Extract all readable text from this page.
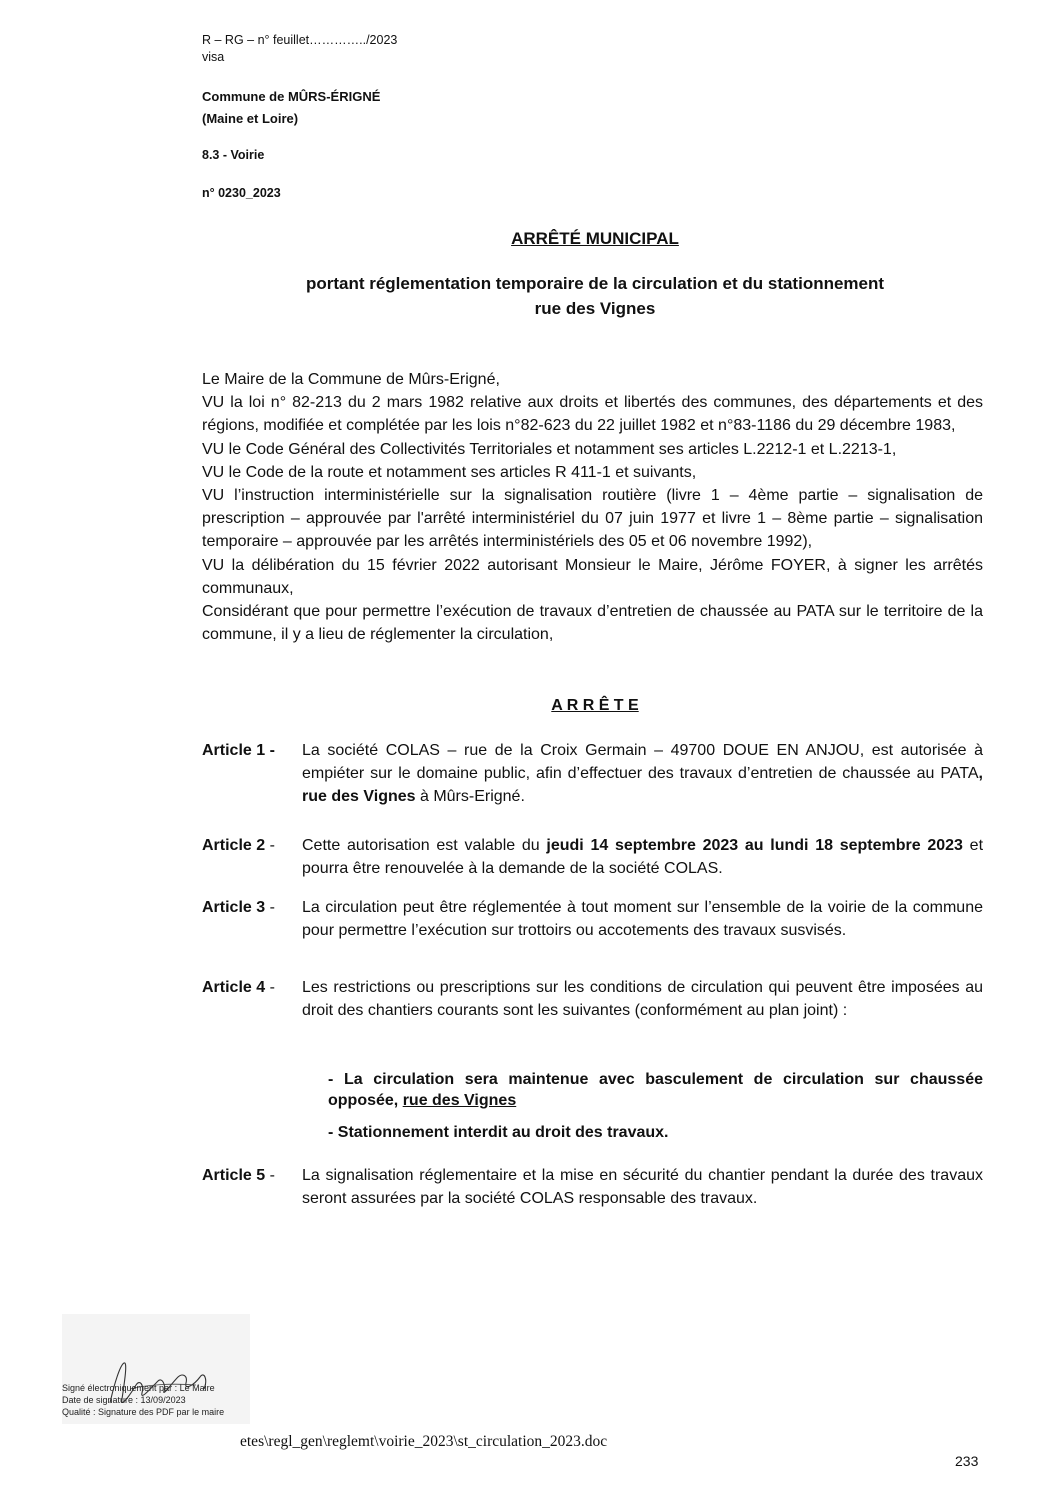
R – RG – n° feuillet…………../2023
visa
Commune de MÛRS-ÉRIGNÉ
(Maine et Loire)
8.3 - Voirie
n° 0230_2023
ARRÊTÉ MUNICIPAL
portant réglementation temporaire de la circulation et du stationnement
rue des Vignes

Le Maire de la Commune de Mûrs-Erigné,

VU la loi n° 82-213 du 2 mars 1982 relative aux droits et libertés des communes, des départements et des régions, modifiée et complétée par les lois n°82-623 du 22 juillet 1982 et n°83-1186 du 29 décembre 1983,

VU le Code Général des Collectivités Territoriales et notamment ses articles L.2212-1 et L.2213-1,

VU le Code de la route et notamment ses articles R 411-1 et suivants,

VU l’instruction interministérielle sur la signalisation routière (livre 1 – 4ème partie – signalisation de prescription – approuvée par l'arrêté interministériel du 07 juin 1977 et livre 1 – 8ème partie – signalisation temporaire – approuvée par les arrêtés interministériels des 05 et 06 novembre 1992),

VU la délibération du 15 février 2022 autorisant Monsieur le Maire, Jérôme FOYER, à signer les arrêtés communaux,

Considérant que pour permettre l’exécution de travaux d’entretien de chaussée au PATA sur le territoire de la commune, il y a lieu de réglementer la circulation,

A R R Ê T E
Article 1 - La société COLAS – rue de la Croix Germain – 49700 DOUE EN ANJOU, est autorisée à empiéter sur le domaine public, afin d’effectuer des travaux d’entretien de chaussée au PATA, rue des Vignes à Mûrs-Erigné.
Article 2 - Cette autorisation est valable du jeudi 14 septembre 2023 au lundi 18 septembre 2023 et pourra être renouvelée à la demande de la société COLAS.
Article 3 - La circulation peut être réglementée à tout moment sur l’ensemble de la voirie de la commune pour permettre l’exécution sur trottoirs ou accotements des travaux susvisés.
Article 4 - Les restrictions ou prescriptions sur les conditions de circulation qui peuvent être imposées au droit des chantiers courants sont les suivantes (conformément au plan joint) :
- La circulation sera maintenue avec basculement de circulation sur chaussée opposée, rue des Vignes
- Stationnement interdit au droit des travaux.
Article 5 - La signalisation réglementaire et la mise en sécurité du chantier pendant la durée des travaux seront assurées par la société COLAS responsable des travaux.
Signé électroniquement par : Le Maire
Date de signature : 13/09/2023
Qualité : Signature des PDF par le maire
etes\regl_gen\reglemt\voirie_2023\st_circulation_2023.doc
233
